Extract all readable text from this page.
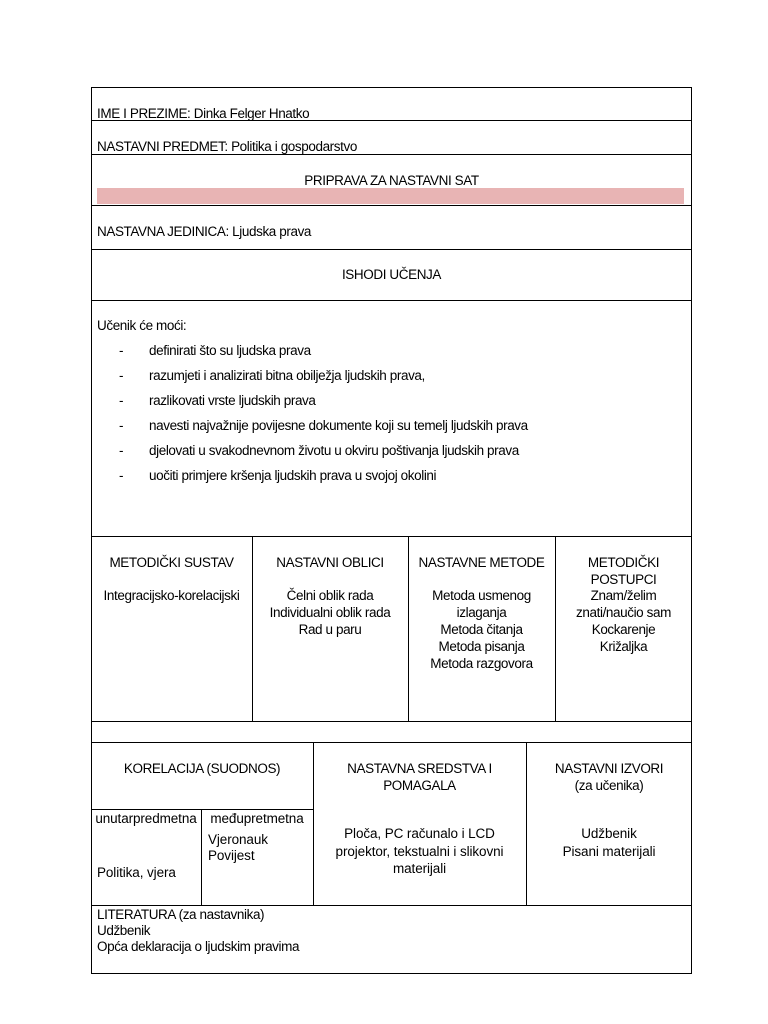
IME I PREZIME: Dinka Felger Hnatko
NASTAVNI PREDMET: Politika i gospodarstvo
PRIPRAVA ZA NASTAVNI SAT
NASTAVNA JEDINICA: Ljudska prava
ISHODI UČENJA
Učenik će moći:
- definirati što su ljudska prava
- razumjeti i analizirati bitna obilježja ljudskih prava,
- razlikovati vrste ljudskih prava
- navesti najvažnije povijesne dokumente koji su temelj ljudskih prava
- djelovati u svakodnevnom životu u okviru poštivanja ljudskih prava
- uočiti primjere kršenja ljudskih prava u svojoj okolini
METODIČKI SUSTAV
Integracijsko-korelacijski
NASTAVNI OBLICI
Čelni oblik rada
Individualni oblik rada
Rad u paru
NASTAVNE METODE
Metoda usmenog
izlaganja
Metoda čitanja
Metoda pisanja
Metoda razgovora
METODIČKI
POSTUPCI
Znam/želim
znati/naučio sam
Kockarenje
Križaljka
KORELACIJA (SUODNOS)	NASTAVNA SREDSTVA I
POMAGALA
NASTAVNI IZVORI
(za učenika)
unutarpredmetna	međupretmetna
Politika, vjera
Vjeronauk
Povijest
Ploča, PC računalo i LCD
projektor, tekstualni i slikovni
materijali
Udžbenik
Pisani materijali
LITERATURA (za nastavnika)
Udžbenik
Opća deklaracija o ljudskim pravima
